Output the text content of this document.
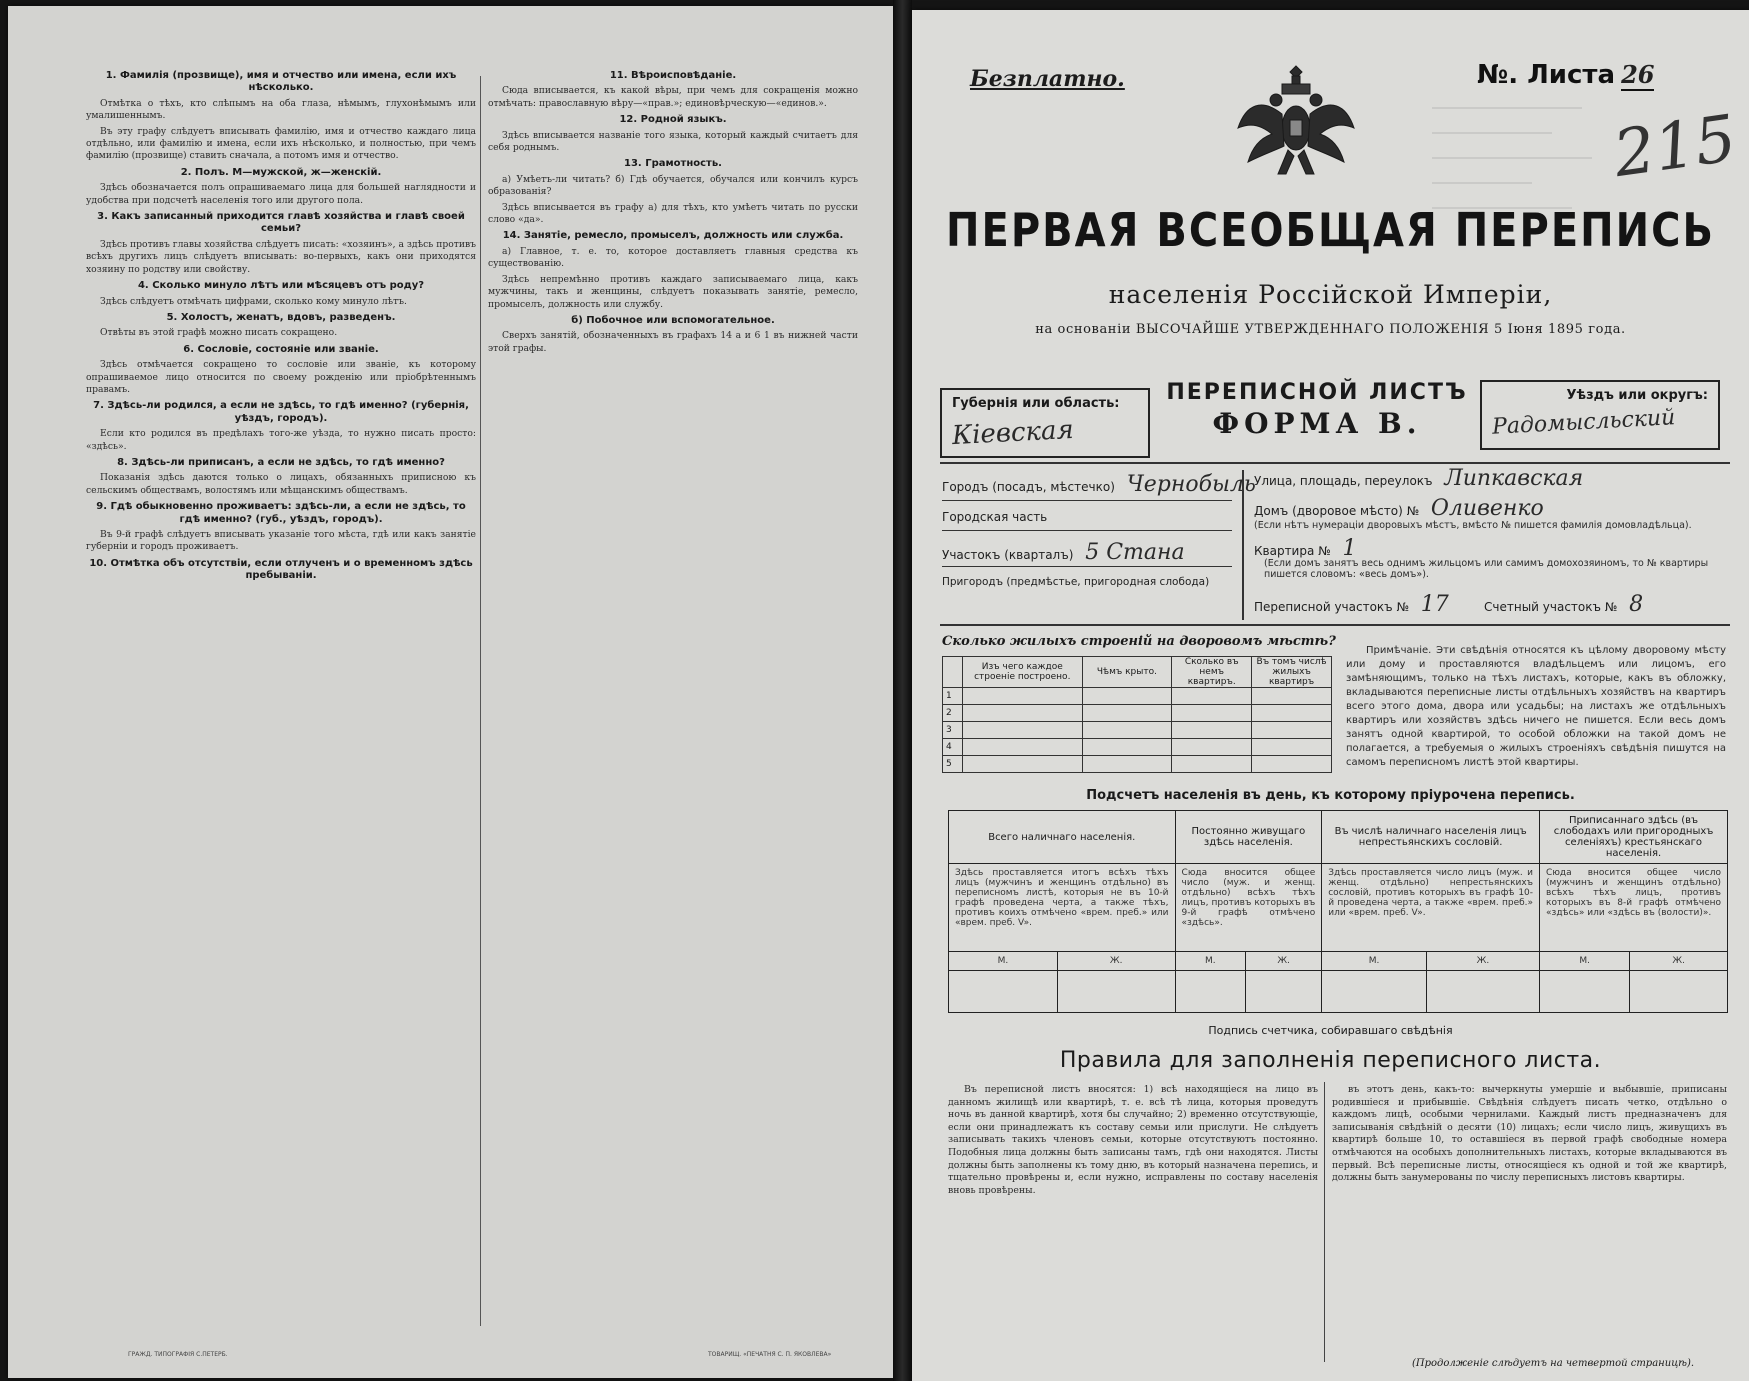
1. Фамилія (прозвище), имя и отчество или имена, если ихъ нѣсколько.
Отмѣтка о тѣхъ, кто слѣпымъ на оба глаза, нѣмымъ, глухонѣмымъ или умалишеннымъ.
Въ эту графу слѣдуетъ вписывать фамилію, имя и отчество каждаго лица отдѣльно, или фамилію и имена, если ихъ нѣсколько, и полностью, при чемъ фамилію (прозвище) ставить сначала, а потомъ имя и отчество.
2. Полъ. М—мужской, ж—женскій.
Здѣсь обозначается полъ опрашиваемаго лица для большей наглядности и удобства при подсчетѣ населенія того или другого пола.
3. Какъ записанный приходится главѣ хозяйства и главѣ своей семьи?
Здѣсь противъ главы хозяйства слѣдуетъ писать: «хозяинъ», а здѣсь противъ всѣхъ другихъ лицъ слѣдуетъ вписывать: во-первыхъ, какъ они приходятся хозяину по родству или свойству.
4. Сколько минуло лѣтъ или мѣсяцевъ отъ роду?
Здѣсь слѣдуетъ отмѣчать цифрами, сколько кому минуло лѣтъ.
5. Холостъ, женатъ, вдовъ, разведенъ.
Отвѣты въ этой графѣ можно писать сокращено.
6. Сословіе, состояніе или званіе.
Здѣсь отмѣчается сокращено то сословіе или званіе, къ которому опрашиваемое лицо относится по своему рожденію или пріобрѣтеннымъ правамъ.
7. Здѣсь-ли родился, а если не здѣсь, то гдѣ именно? (губернія, уѣздъ, городъ).
Если кто родился въ предѣлахъ того-же уѣзда, то нужно писать просто: «здѣсь».
8. Здѣсь-ли приписанъ, а если не здѣсь, то гдѣ именно?
Показанія здѣсь даются только о лицахъ, обязанныхъ приписною къ сельскимъ обществамъ, волостямъ или мѣщанскимъ обществамъ.
9. Гдѣ обыкновенно проживаетъ: здѣсь-ли, а если не здѣсь, то гдѣ именно? (губ., уѣздъ, городъ).
Въ 9-й графѣ слѣдуетъ вписывать указаніе того мѣста, гдѣ или какъ занятіе губерніи и городъ проживаетъ.
10. Отмѣтка объ отсутствіи, если отлученъ и о временномъ здѣсь пребываніи.
11. Вѣроисповѣданіе.
Сюда вписывается, къ какой вѣры, при чемъ для сокращенія можно отмѣчать: православную вѣру—«прав.»; единовѣрческую—«единов.».
12. Родной языкъ.
Здѣсь вписывается названіе того языка, который каждый считаетъ для себя роднымъ.
13. Грамотность.
а) Умѣетъ-ли читать? б) Гдѣ обучается, обучался или кончилъ курсъ образованія?
Здѣсь вписывается въ графу а) для тѣхъ, кто умѣетъ читать по русски слово «да».
14. Занятіе, ремесло, промыселъ, должность или служба.
а) Главное, т. е. то, которое доставляетъ главныя средства къ существованію.
Здѣсь непремѣнно противъ каждаго записываемаго лица, какъ мужчины, такъ и женщины, слѣдуетъ показывать занятіе, ремесло, промыселъ, должность или службу.
б) Побочное или вспомогательное.
Сверхъ занятій, обозначенныхъ въ графахъ 14 а и 6 1 въ нижней части этой графы.
ГРАЖД. ТИПОГРАФІЯ С.ПЕТЕРБ.	ТОВАРИЩ. «ПЕЧАТНЯ С. П. ЯКОВЛЕВА»
Безплатно.	№. Листа 26
215
ПЕРВАЯ ВСЕОБЩАЯ ПЕРЕПИСЬ
населенія Россійской Имперіи,
на основаніи ВЫСОЧАЙШЕ УТВЕРЖДЕННАГО ПОЛОЖЕНІЯ 5 Іюня 1895 года.
Губернія или область:
Кіевская
ПЕРЕПИСНОЙ ЛИСТЪ
ФОРМА В.
Уѣздъ или округъ:
Радомысльский
Городъ (посадъ, мѣстечко) Чернобыль
Городская часть
Участокъ (кварталъ) 5 Стана
Пригородъ (предмѣстье, пригородная слобода)
Улица, площадь, переулокъ Липкавская
Домъ (дворовое мѣсто) № Оливенко
(Если нѣтъ нумераціи дворовыхъ мѣстъ, вмѣсто № пишется фамилія домовладѣльца).
Квартира № 1
(Если домъ занятъ весь однимъ жильцомъ или самимъ домохозяиномъ, то № квартиры пишется словомъ: «весь домъ»).
Переписной участокъ № 17	Счетный участокъ № 8
Сколько жилыхъ строеній на дворовомъ мѣстѣ?
	Изъ чего каждое строеніе построено.	Чѣмъ крыто.	Сколько въ немъ квартиръ.	Въ томъ числѣ жилыхъ квартиръ
1				
2				
3				
4				
5				
Примѣчаніе. Эти свѣдѣнія относятся къ цѣлому дворовому мѣсту или дому и проставляются владѣльцемъ или лицомъ, его замѣняющимъ, только на тѣхъ листахъ, которые, какъ въ обложку, вкладываются переписные листы отдѣльныхъ хозяйствъ на квартиръ всего этого дома, двора или усадьбы; на листахъ же отдѣльныхъ квартиръ или хозяйствъ здѣсь ничего не пишется. Если весь домъ занятъ одной квартирой, то особой обложки на такой домъ не полагается, а требуемыя о жилыхъ строеніяхъ свѣдѣнія пишутся на самомъ переписномъ листѣ этой квартиры.
Подсчетъ населенія въ день, къ которому пріурочена перепись.
Всего наличнаго населенія.		Постоянно живущаго здѣсь населенія.		Въ числѣ наличнаго населенія лицъ непрестьянскихъ сословій.		Приписаннаго здѣсь (въ слободахъ или пригородныхъ селеніяхъ) крестьянскаго населенія.	
Здѣсь проставляется итогъ всѣхъ тѣхъ лицъ (мужчинъ и женщинъ отдѣльно) въ переписномъ листѣ, которыя не въ 10-й графѣ проведена черта, а также тѣхъ, противъ коихъ отмѣчено «врем. преб.» или «врем. преб. V».		Сюда вносится общее число (муж. и женщ. отдѣльно) всѣхъ тѣхъ лицъ, противъ которыхъ въ 9-й графѣ отмѣчено «здѣсь».		Здѣсь проставляется число лицъ (муж. и женщ. отдѣльно) непрестьянскихъ сословій, противъ которыхъ въ графѣ 10-й проведена черта, а также «врем. преб.» или «врем. преб. V».		Сюда вносится общее число (мужчинъ и женщинъ отдѣльно) всѣхъ тѣхъ лицъ, противъ которыхъ въ 8-й графѣ отмѣчено «здѣсь» или «здѣсь въ (волости)».	
М.	Ж.	М.	Ж.	М.	Ж.	М.	Ж.

Подпись счетчика, собиравшаго свѣдѣнія
Правила для заполненія переписного листа.
Въ переписной листъ вносятся: 1) всѣ находящіеся на лицо въ данномъ жилищѣ или квартирѣ, т. е. всѣ тѣ лица, которыя проведутъ ночь въ данной квартирѣ, хотя бы случайно; 2) временно отсутствующіе, если они принадлежатъ къ составу семьи или прислуги. Не слѣдуетъ записывать такихъ членовъ семьи, которые отсутствуютъ постоянно. Подобныя лица должны быть записаны тамъ, гдѣ они находятся. Листы должны быть заполнены къ тому дню, въ который назначена перепись, и тщательно провѣрены и, если нужно, исправлены по составу населенія вновь провѣрены.
въ этотъ день, какъ-то: вычеркнуты умершіе и выбывшіе, приписаны родившіеся и прибывшіе. Свѣдѣнія слѣдуетъ писать четко, отдѣльно о каждомъ лицѣ, особыми чернилами. Каждый листъ предназначенъ для записыванія свѣдѣній о десяти (10) лицахъ; если число лицъ, живущихъ въ квартирѣ больше 10, то оставшіеся въ первой графѣ свободные номера отмѣчаются на особыхъ дополнительныхъ листахъ, которые вкладываются въ первый. Всѣ переписные листы, относящіеся къ одной и той же квартирѣ, должны быть занумерованы по числу переписныхъ листовъ квартиры.
(Продолженіе слѣдуетъ на четвертой страницѣ).
